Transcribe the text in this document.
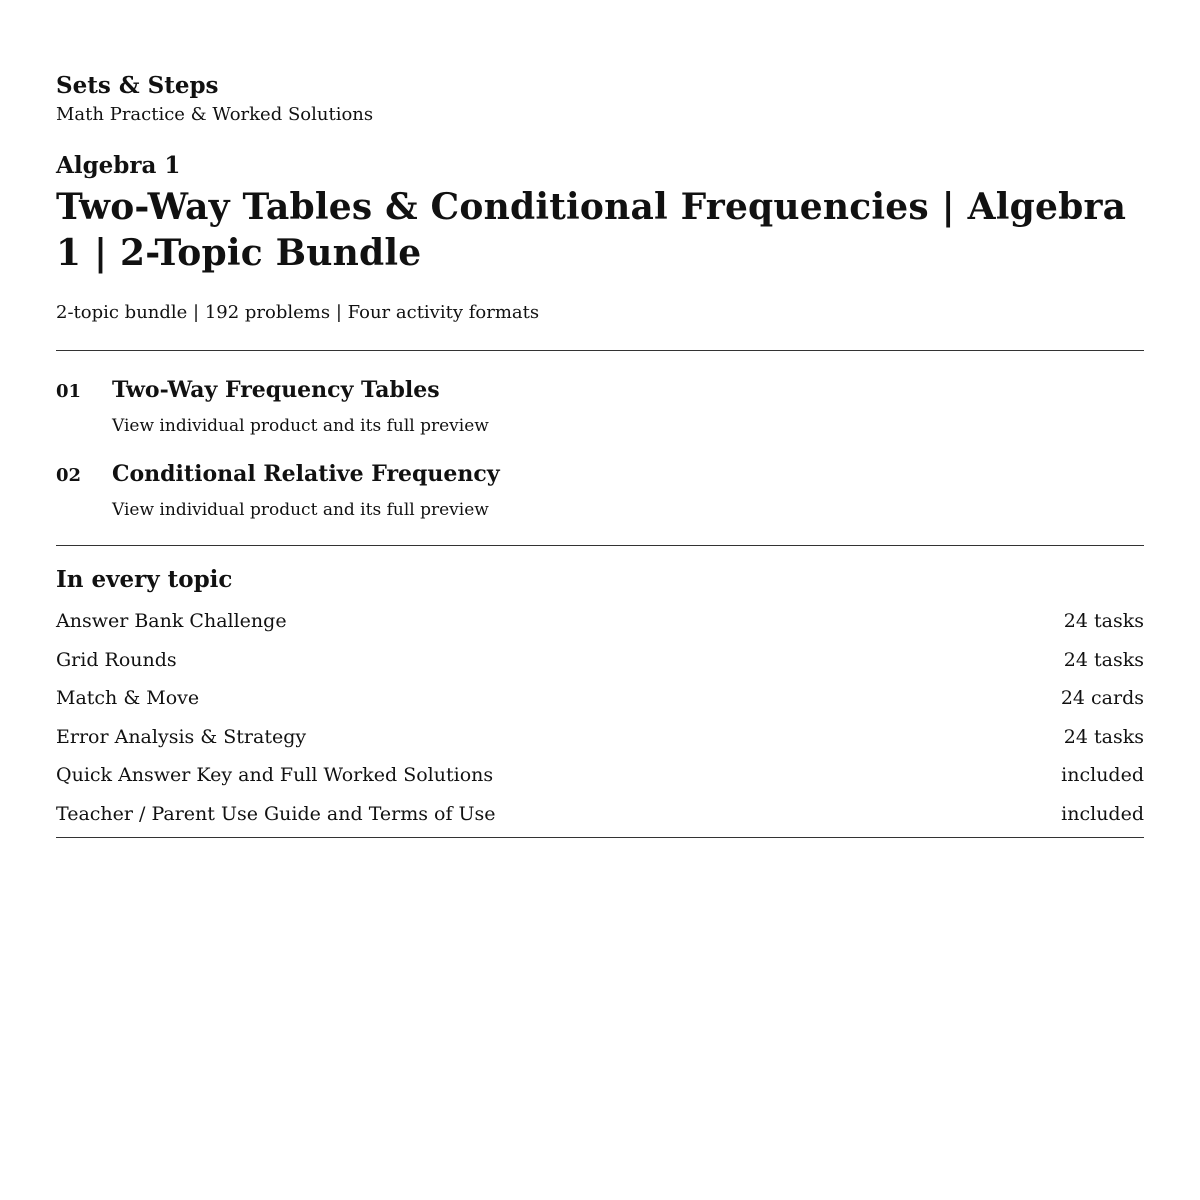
Sets & Steps

Math Practice & Worked Solutions

Algebra 1

Two-Way Tables & Conditional Frequencies | Algebra 1 | 2-Topic Bundle

2-topic bundle | 192 problems | Four activity formats

01	Two-Way Frequency Tables
View individual product and its full preview
02	Conditional Relative Frequency
View individual product and its full preview
In every topic
Answer Bank Challenge	24 tasks
Grid Rounds	24 tasks
Match & Move	24 cards
Error Analysis & Strategy	24 tasks
Quick Answer Key and Full Worked Solutions	included
Teacher / Parent Use Guide and Terms of Use	included
